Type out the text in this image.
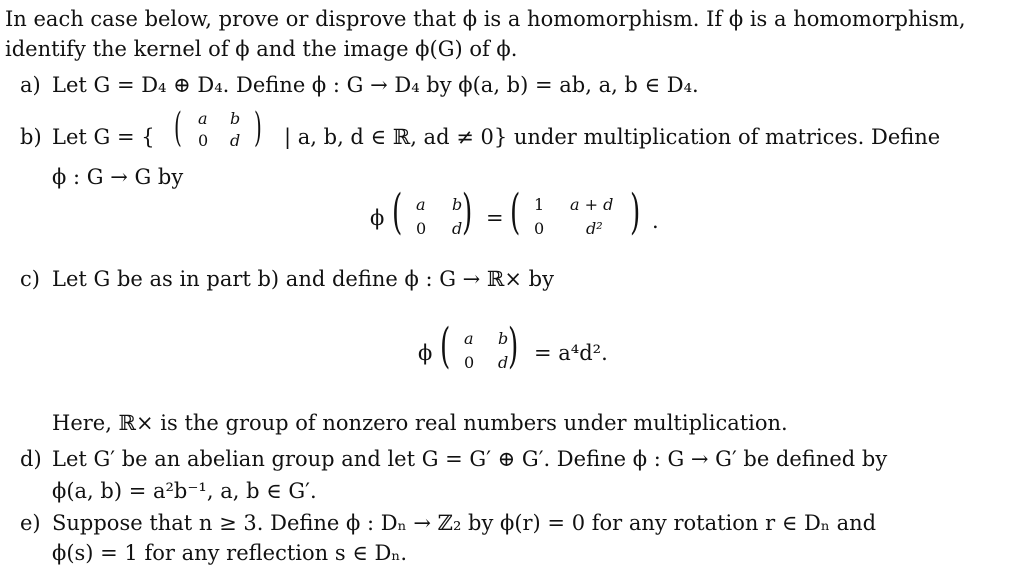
In each case below, prove or disprove that ϕ is a homomorphism. If ϕ is a homomorphism,
identify the kernel of ϕ and the image ϕ(G) of ϕ.
a) Let G = D₄ ⊕ D₄. Define ϕ : G → D₄ by ϕ(a, b) = ab, a, b ∈ D₄.
b) Let G = { ( a b
0 d ) | a, b, d ∈ ℝ, ad ≠ 0} under multiplication of matrices. Define
ϕ : G → G by
ϕ ( a b
0 d ) = ( 1 a + d
0	d² ) .
c) Let G be as in part b) and define ϕ : G → ℝ× by
ϕ ( a b
0 d ) = a⁴d².
Here, ℝ× is the group of nonzero real numbers under multiplication.
d) Let G′ be an abelian group and let G = G′ ⊕ G′. Define ϕ : G → G′ be defined by
ϕ(a, b) = a²b⁻¹, a, b ∈ G′.
e) Suppose that n ≥ 3. Define ϕ : Dₙ → ℤ₂ by ϕ(r) = 0 for any rotation r ∈ Dₙ and
ϕ(s) = 1 for any reflection s ∈ Dₙ.
